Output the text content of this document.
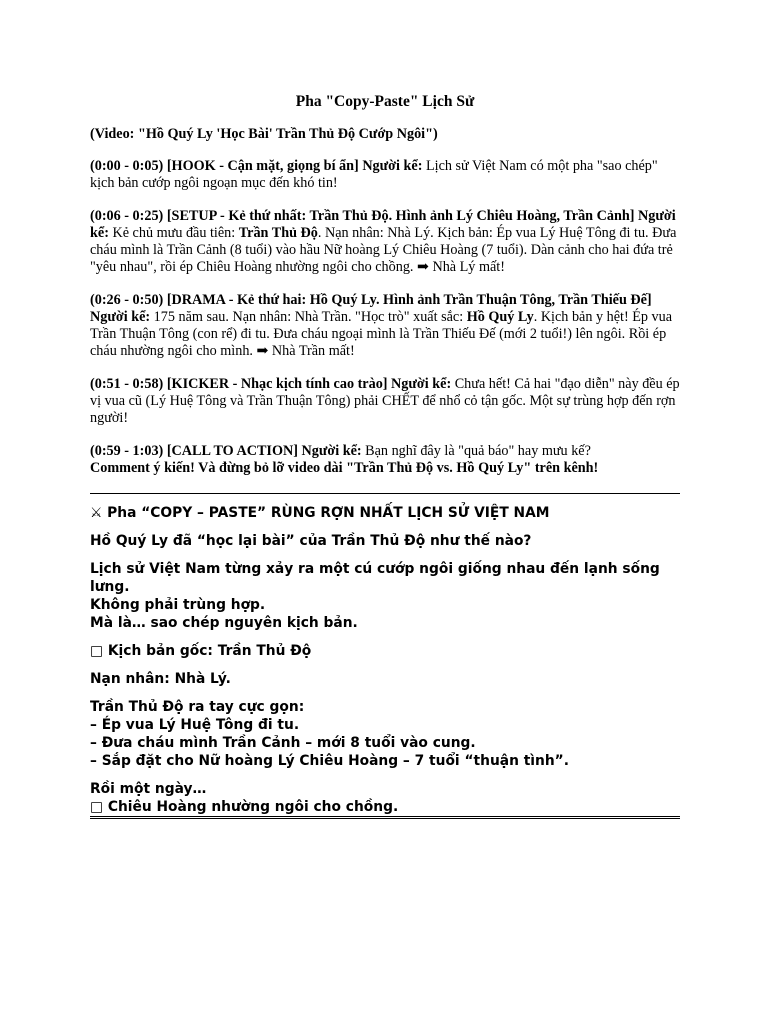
Pha "Copy-Paste" Lịch Sử
(Video: "Hồ Quý Ly 'Học Bài' Trần Thủ Độ Cướp Ngôi")
(0:00 - 0:05) [HOOK - Cận mặt, giọng bí ẩn] Người kể: Lịch sử Việt Nam có một pha "sao chép" kịch bản cướp ngôi ngoạn mục đến khó tin!
(0:06 - 0:25) [SETUP - Kẻ thứ nhất: Trần Thủ Độ. Hình ảnh Lý Chiêu Hoàng, Trần Cảnh] Người kể: Kẻ chủ mưu đầu tiên: Trần Thủ Độ. Nạn nhân: Nhà Lý. Kịch bản: Ép vua Lý Huệ Tông đi tu. Đưa cháu mình là Trần Cảnh (8 tuổi) vào hầu Nữ hoàng Lý Chiêu Hoàng (7 tuổi). Dàn cảnh cho hai đứa trẻ "yêu nhau", rồi ép Chiêu Hoàng nhường ngôi cho chồng. ➡ Nhà Lý mất!
(0:26 - 0:50) [DRAMA - Kẻ thứ hai: Hồ Quý Ly. Hình ảnh Trần Thuận Tông, Trần Thiếu Đế] Người kể: 175 năm sau. Nạn nhân: Nhà Trần. "Học trò" xuất sắc: Hồ Quý Ly. Kịch bản y hệt! Ép vua Trần Thuận Tông (con rể) đi tu. Đưa cháu ngoại mình là Trần Thiếu Đế (mới 2 tuổi!) lên ngôi. Rồi ép cháu nhường ngôi cho mình. ➡ Nhà Trần mất!
(0:51 - 0:58) [KICKER - Nhạc kịch tính cao trào] Người kể: Chưa hết! Cả hai "đạo diễn" này đều ép vị vua cũ (Lý Huệ Tông và Trần Thuận Tông) phải CHẾT để nhổ cỏ tận gốc. Một sự trùng hợp đến rợn người!
(0:59 - 1:03) [CALL TO ACTION] Người kể: Bạn nghĩ đây là "quả báo" hay mưu kế?
Comment ý kiến! Và đừng bỏ lỡ video dài "Trần Thủ Độ vs. Hồ Quý Ly" trên kênh!

⚔ Pha “COPY – PASTE” RÙNG RỢN NHẤT LỊCH SỬ VIỆT NAM

Hồ Quý Ly đã “học lại bài” của Trần Thủ Độ như thế nào?

Lịch sử Việt Nam từng xảy ra một cú cướp ngôi giống nhau đến lạnh sống lưng.
Không phải trùng hợp.
Mà là… sao chép nguyên kịch bản.

□ Kịch bản gốc: Trần Thủ Độ

Nạn nhân: Nhà Lý.

Trần Thủ Độ ra tay cực gọn:
– Ép vua Lý Huệ Tông đi tu.
– Đưa cháu mình Trần Cảnh – mới 8 tuổi vào cung.
– Sắp đặt cho Nữ hoàng Lý Chiêu Hoàng – 7 tuổi “thuận tình”.

Rồi một ngày…
□ Chiêu Hoàng nhường ngôi cho chồng.
